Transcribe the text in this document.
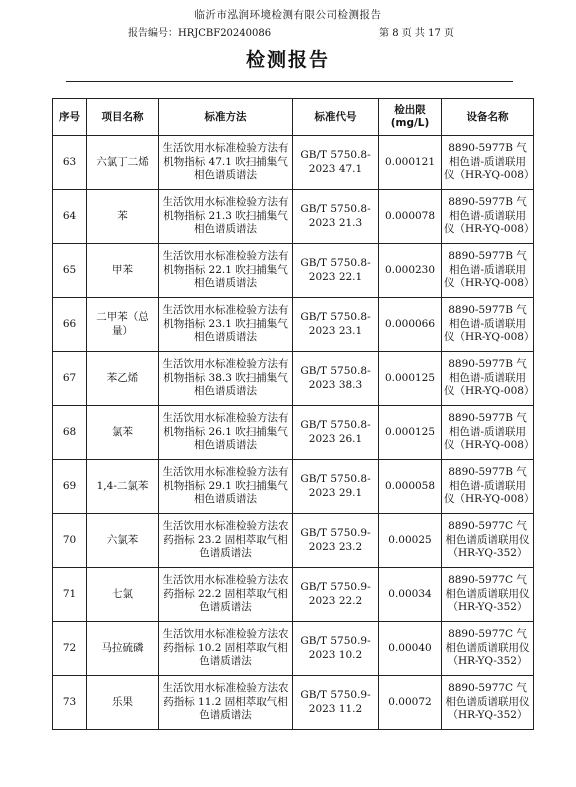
临沂市泓润环境检测有限公司检测报告
报告编号：HRJCBF20240086	第 8 页 共 17 页
检测报告
序号	项目名称	标准方法	标准代号	检出限 (mg/L)	设备名称
63	六氯丁二烯	生活饮用水标准检验方法有机物指标 47.1 吹扫捕集气相色谱质谱法	GB/T 5750.8-2023 47.1	0.000121	8890-5977B 气相色谱-质谱联用仪（HR-YQ-008）
64	苯	生活饮用水标准检验方法有机物指标 21.3 吹扫捕集气相色谱质谱法	GB/T 5750.8-2023 21.3	0.000078	8890-5977B 气相色谱-质谱联用仪（HR-YQ-008）
65	甲苯	生活饮用水标准检验方法有机物指标 22.1 吹扫捕集气相色谱质谱法	GB/T 5750.8-2023 22.1	0.000230	8890-5977B 气相色谱-质谱联用仪（HR-YQ-008）
66	二甲苯（总量）	生活饮用水标准检验方法有机物指标 23.1 吹扫捕集气相色谱质谱法	GB/T 5750.8-2023 23.1	0.000066	8890-5977B 气相色谱-质谱联用仪（HR-YQ-008）
67	苯乙烯	生活饮用水标准检验方法有机物指标 38.3 吹扫捕集气相色谱质谱法	GB/T 5750.8-2023 38.3	0.000125	8890-5977B 气相色谱-质谱联用仪（HR-YQ-008）
68	氯苯	生活饮用水标准检验方法有机物指标 26.1 吹扫捕集气相色谱质谱法	GB/T 5750.8-2023 26.1	0.000125	8890-5977B 气相色谱-质谱联用仪（HR-YQ-008）
69	1,4-二氯苯	生活饮用水标准检验方法有机物指标 29.1 吹扫捕集气相色谱质谱法	GB/T 5750.8-2023 29.1	0.000058	8890-5977B 气相色谱-质谱联用仪（HR-YQ-008）
70	六氯苯	生活饮用水标准检验方法农药指标 23.2 固相萃取气相色谱质谱法	GB/T 5750.9-2023 23.2	0.00025	8890-5977C 气相色谱质谱联用仪（HR-YQ-352）
71	七氯	生活饮用水标准检验方法农药指标 22.2 固相萃取气相色谱质谱法	GB/T 5750.9-2023 22.2	0.00034	8890-5977C 气相色谱质谱联用仪（HR-YQ-352）
72	马拉硫磷	生活饮用水标准检验方法农药指标 10.2 固相萃取气相色谱质谱法	GB/T 5750.9-2023 10.2	0.00040	8890-5977C 气相色谱质谱联用仪（HR-YQ-352）
73	乐果	生活饮用水标准检验方法农药指标 11.2 固相萃取气相色谱质谱法	GB/T 5750.9-2023 11.2	0.00072	8890-5977C 气相色谱质谱联用仪（HR-YQ-352）
